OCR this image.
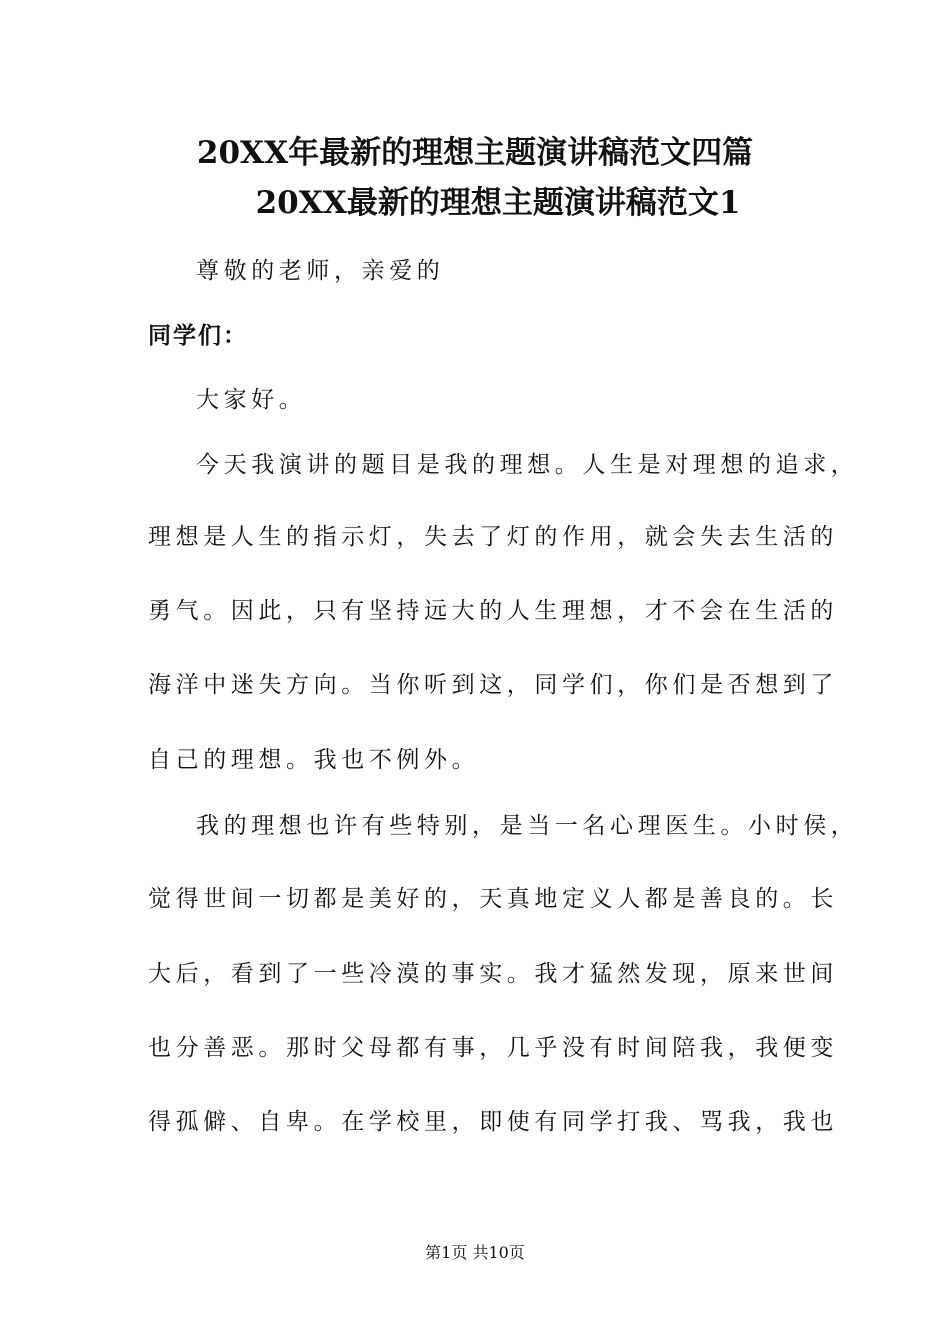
20XX年最新的理想主题演讲稿范文四篇
20XX最新的理想主题演讲稿范文1
尊敬的老师，亲爱的
同学们：
大家好。
今天我演讲的题目是我的理想。人生是对理想的追求，
理想是人生的指示灯，失去了灯的作用，就会失去生活的
勇气。因此，只有坚持远大的人生理想，才不会在生活的
海洋中迷失方向。当你听到这，同学们，你们是否想到了
自己的理想。我也不例外。
我的理想也许有些特别，是当一名心理医生。小时侯，
觉得世间一切都是美好的，天真地定义人都是善良的。长
大后，看到了一些冷漠的事实。我才猛然发现，原来世间
也分善恶。那时父母都有事，几乎没有时间陪我，我便变
得孤僻、自卑。在学校里，即使有同学打我、骂我，我也
第1页 共10页
